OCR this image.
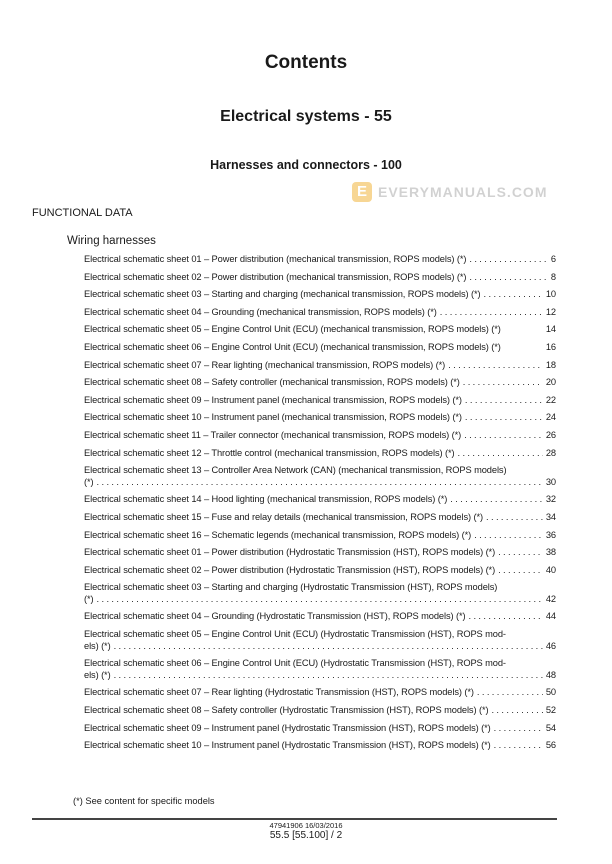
Contents
Electrical systems - 55
Harnesses and connectors - 100
FUNCTIONAL DATA
Wiring harnesses
Electrical schematic sheet 01 – Power distribution (mechanical transmission, ROPS models) (*) . . .	6
Electrical schematic sheet 02 – Power distribution (mechanical transmission, ROPS models) (*) . . .	8
Electrical schematic sheet 03 – Starting and charging (mechanical transmission, ROPS models) (*) . . .	10
Electrical schematic sheet 04 – Grounding (mechanical transmission, ROPS models) (*) . . .	12
Electrical schematic sheet 05 – Engine Control Unit (ECU) (mechanical transmission, ROPS models) (*)	14
Electrical schematic sheet 06 – Engine Control Unit (ECU) (mechanical transmission, ROPS models) (*)	16
Electrical schematic sheet 07 – Rear lighting (mechanical transmission, ROPS models) (*) . . .	18
Electrical schematic sheet 08 – Safety controller (mechanical transmission, ROPS models) (*) . . .	20
Electrical schematic sheet 09 – Instrument panel (mechanical transmission, ROPS models) (*) . . .	22
Electrical schematic sheet 10 – Instrument panel (mechanical transmission, ROPS models) (*) . . .	24
Electrical schematic sheet 11 – Trailer connector (mechanical transmission, ROPS models) (*) . . .	26
Electrical schematic sheet 12 – Throttle control (mechanical transmission, ROPS models) (*) . . .	28
Electrical schematic sheet 13 – Controller Area Network (CAN) (mechanical transmission, ROPS models)
(*) . . .	30
Electrical schematic sheet 14 – Hood lighting (mechanical transmission, ROPS models) (*) . . .	32
Electrical schematic sheet 15 – Fuse and relay details (mechanical transmission, ROPS models) (*) . . .	34
Electrical schematic sheet 16 – Schematic legends (mechanical transmission, ROPS models) (*) . . .	36
Electrical schematic sheet 01 – Power distribution (Hydrostatic Transmission (HST), ROPS models) (*) . . .	38
Electrical schematic sheet 02 – Power distribution (Hydrostatic Transmission (HST), ROPS models) (*) . . .	40
Electrical schematic sheet 03 – Starting and charging (Hydrostatic Transmission (HST), ROPS models)
(*) . . .	42
Electrical schematic sheet 04 – Grounding (Hydrostatic Transmission (HST), ROPS models) (*) . . .	44
Electrical schematic sheet 05 – Engine Control Unit (ECU) (Hydrostatic Transmission (HST), ROPS mod-
els) (*) . . .	46
Electrical schematic sheet 06 – Engine Control Unit (ECU) (Hydrostatic Transmission (HST), ROPS mod-
els) (*) . . .	48
Electrical schematic sheet 07 – Rear lighting (Hydrostatic Transmission (HST), ROPS models) (*) . . .	50
Electrical schematic sheet 08 – Safety controller (Hydrostatic Transmission (HST), ROPS models) (*) . . .	52
Electrical schematic sheet 09 – Instrument panel (Hydrostatic Transmission (HST), ROPS models) (*) . . .	54
Electrical schematic sheet 10 – Instrument panel (Hydrostatic Transmission (HST), ROPS models) (*) . . .	56
(*) See content for specific models
47941906 16/03/2016
55.5 [55.100] / 2
E EVERYMANUALS.COM
